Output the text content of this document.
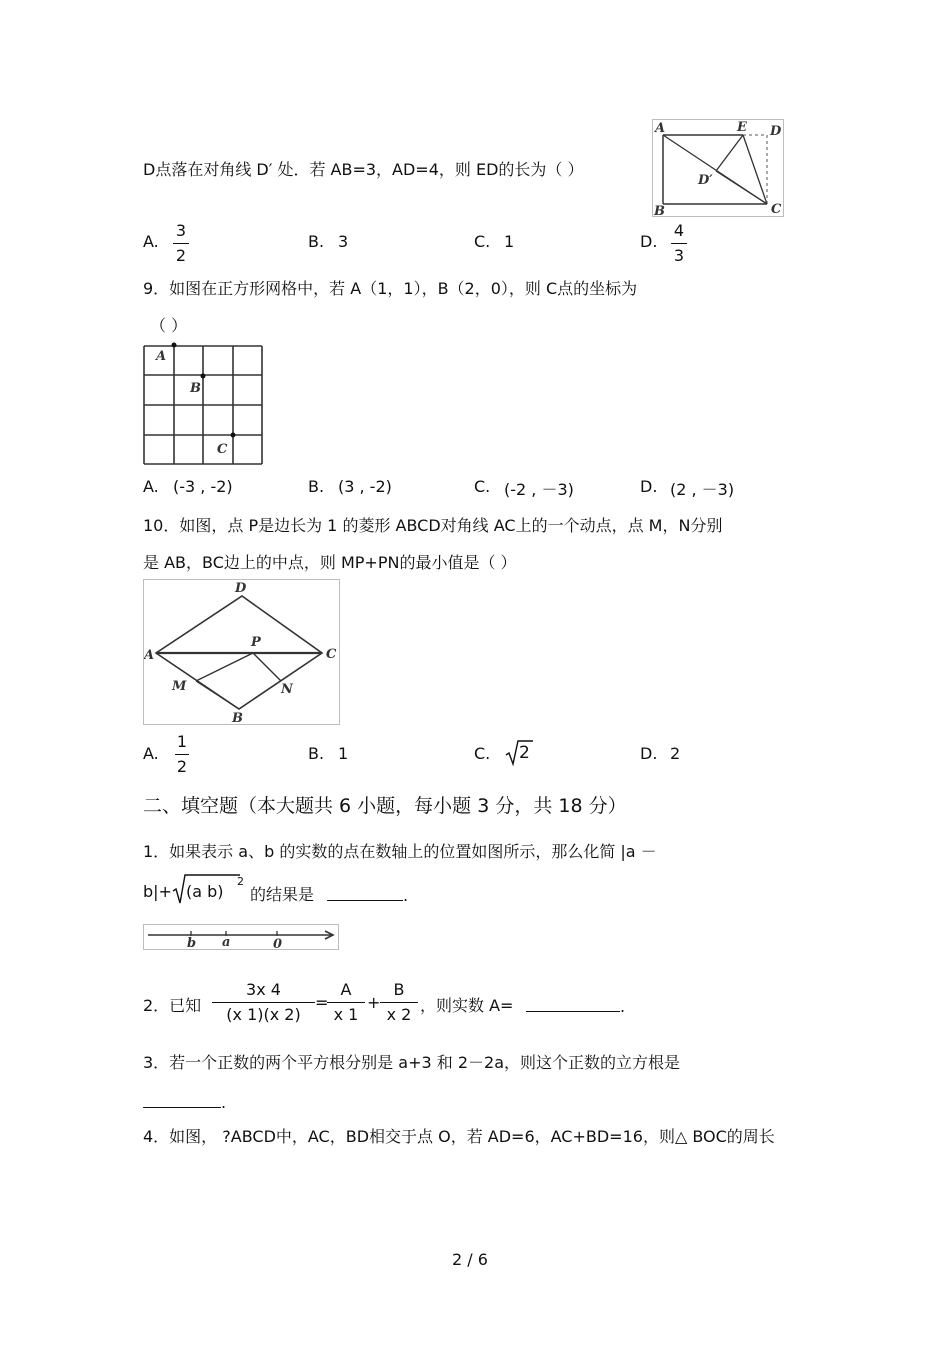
D点落在对角线 D′ 处．若 AB=3，AD=4，则 ED的长为（ ）
A	E D
D′
B	C
A.
3
2
B. 3	C. 1	D.
4
3
9．如图在正方形网格中，若 A（1，1），B（2，0），则 C点的坐标为
（ ）
A
B
C
A. (-3 , -2)	B. (3 , -2)	C. (-2 , －3)	D. (2 , －3)
10．如图，点 P是边长为 1 的菱形 ABCD对角线 AC上的一个动点，点 M，N分别
是 AB，BC边上的中点，则 MP+PN的最小值是（ ）
D
A
P
C
M	N
B
A.
1
2
B. 1	C. 2	D. 2
二、填空题（本大题共 6 小题，每小题 3 分，共 18 分）
1．如果表示 a、b 的实数的点在数轴上的位置如图所示，那么化简 |a －
b|+ (a b)
2
的结果是	.
b a	0
2．已知
3x 4
(x 1)(x 2)
=
A
x 1
+
B
x 2 ，则实数 A=	.
3．若一个正数的两个平方根分别是 a+3 和 2－2a，则这个正数的立方根是
.
4．如图， ?ABCD中，AC，BD相交于点 O，若 AD=6，AC+BD=16，则△ BOC的周长
2 / 6
